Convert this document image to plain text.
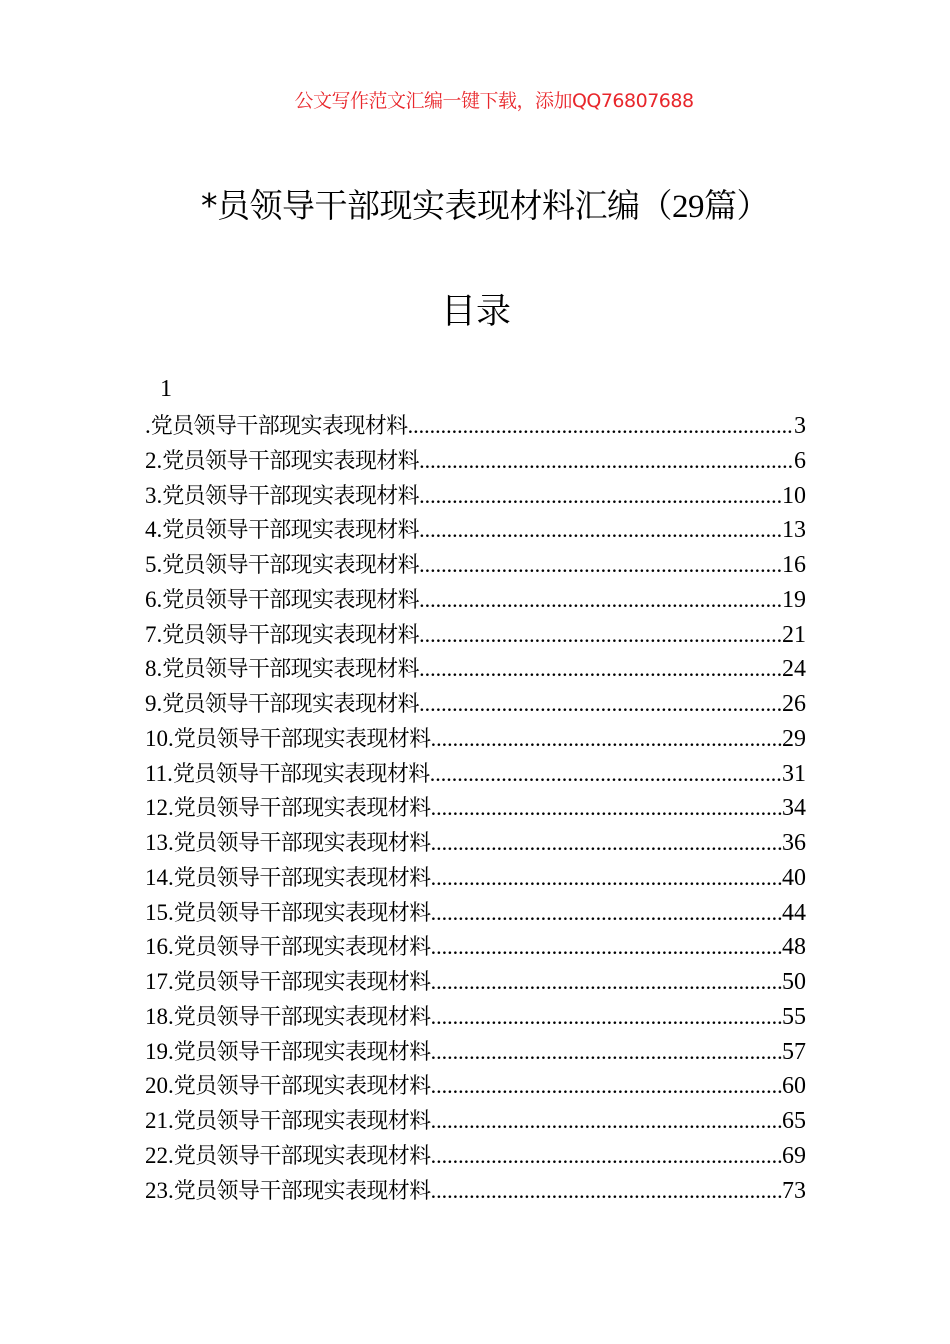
公文写作范文汇编一键下载，添加QQ76807688
*员领导干部现实表现材料汇编（29篇）
目录
1
.党员领导干部现实表现材料 .....	3
2.党员领导干部现实表现材料 .....	6
3.党员领导干部现实表现材料 .....	10
4.党员领导干部现实表现材料 .....	13
5.党员领导干部现实表现材料 .....	16
6.党员领导干部现实表现材料 .....	19
7.党员领导干部现实表现材料 .....	21
8.党员领导干部现实表现材料 .....	24
9.党员领导干部现实表现材料 .....	26
10.党员领导干部现实表现材料 .....	29
11.党员领导干部现实表现材料 .....	31
12.党员领导干部现实表现材料 .....	34
13.党员领导干部现实表现材料 .....	36
14.党员领导干部现实表现材料 .....	40
15.党员领导干部现实表现材料 .....	44
16.党员领导干部现实表现材料 .....	48
17.党员领导干部现实表现材料 .....	50
18.党员领导干部现实表现材料 .....	55
19.党员领导干部现实表现材料 .....	57
20.党员领导干部现实表现材料 .....	60
21.党员领导干部现实表现材料 .....	65
22.党员领导干部现实表现材料 .....	69
23.党员领导干部现实表现材料 .....	73
